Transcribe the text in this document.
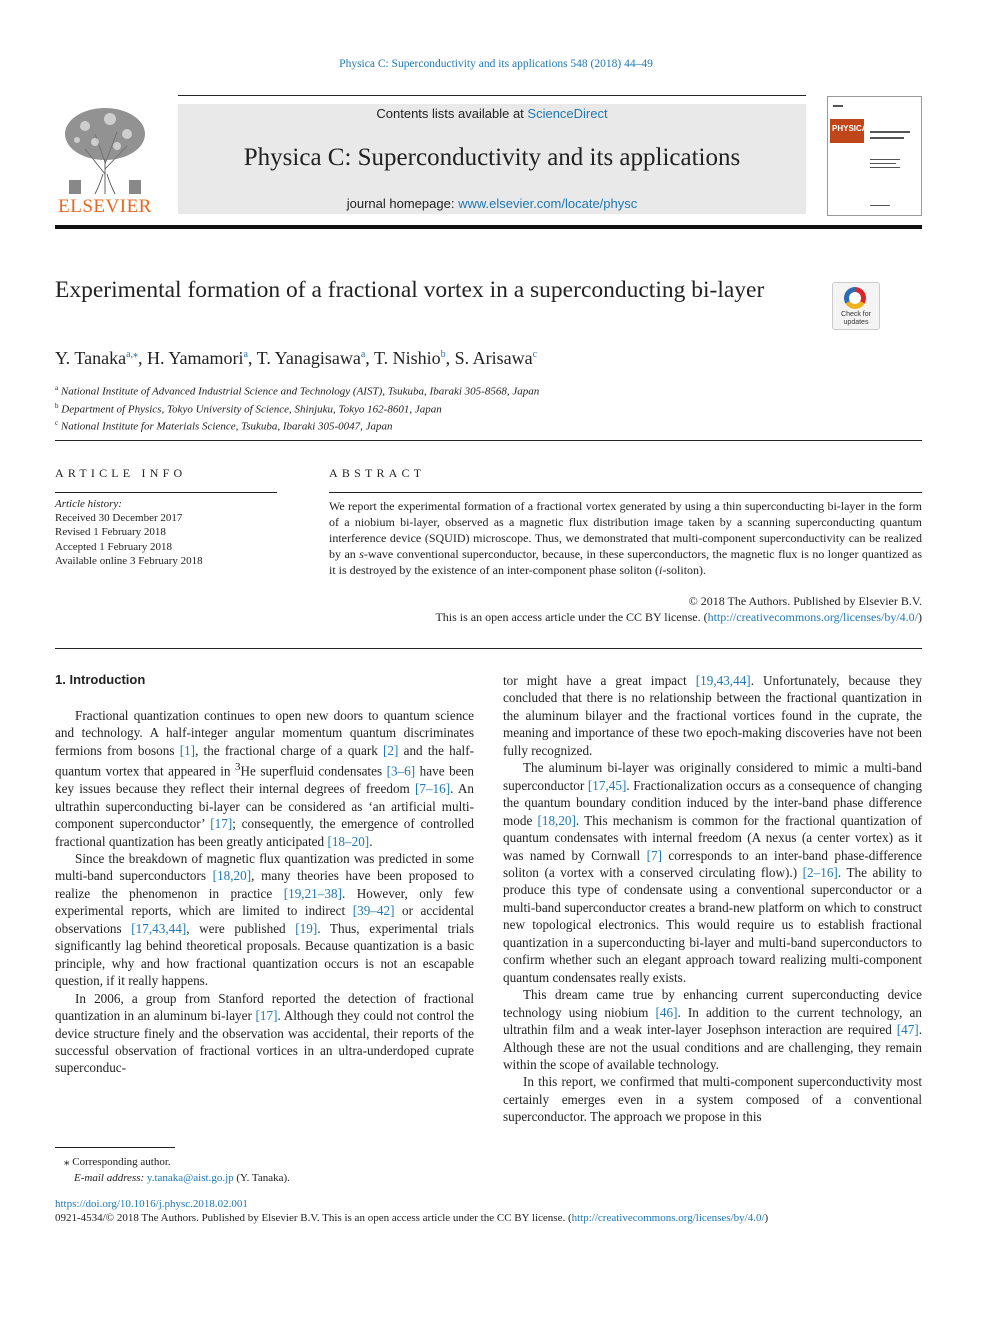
Physica C: Superconductivity and its applications 548 (2018) 44–49
ELSEVIER
Contents lists available at ScienceDirect
Physica C: Superconductivity and its applications
journal homepage: www.elsevier.com/locate/physc
PHYSICA
Experimental formation of a fractional vortex in a superconducting bi-layer
Check for
updates
Y. Tanaka$^{a,⁎}$, H. Yamamori$^a$, T. Yanagisawa$^a$, T. Nishio$^b$, S. Arisawa$^c$
$^a$ National Institute of Advanced Industrial Science and Technology (AIST), Tsukuba, Ibaraki 305-8568, Japan
$^b$ Department of Physics, Tokyo University of Science, Shinjuku, Tokyo 162-8601, Japan
$^c$ National Institute for Materials Science, Tsukuba, Ibaraki 305-0047, Japan
ARTICLE INFO	ABSTRACT
Article history:
Received 30 December 2017
Revised 1 February 2018
Accepted 1 February 2018
Available online 3 February 2018
We report the experimental formation of a fractional vortex generated by using a thin superconducting bi-layer in the form of a niobium bi-layer, observed as a magnetic flux distribution image taken by a scanning superconducting quantum interference device (SQUID) microscope. Thus, we demonstrated that multi-component superconductivity can be realized by an s-wave conventional superconductor, because, in these superconductors, the magnetic flux is no longer quantized as it is destroyed by the existence of an inter-component phase soliton (i-soliton).
© 2018 The Authors. Published by Elsevier B.V.
This is an open access article under the CC BY license. (http://creativecommons.org/licenses/by/4.0/)
1. Introduction

Fractional quantization continues to open new doors to quantum science and technology. A half-integer angular momentum quantum discriminates fermions from bosons [1], the fractional charge of a quark [2] and the half-quantum vortex that appeared in $^3$He superfluid condensates [3–6] have been key issues because they reflect their internal degrees of freedom [7–16]. An ultrathin superconducting bi-layer can be considered as ‘an artificial multi-component superconductor’ [17]; consequently, the emergence of controlled fractional quantization has been greatly anticipated [18–20].

Since the breakdown of magnetic flux quantization was predicted in some multi-band superconductors [18,20], many theories have been proposed to realize the phenomenon in practice [19,21–38]. However, only few experimental reports, which are limited to indirect [39–42] or accidental observations [17,43,44], were published [19]. Thus, experimental trials significantly lag behind theoretical proposals. Because quantization is a basic principle, why and how fractional quantization occurs is not an escapable question, if it really happens.

In 2006, a group from Stanford reported the detection of fractional quantization in an aluminum bi-layer [17]. Although they could not control the device structure finely and the observation was accidental, their reports of the successful observation of fractional vortices in an ultra-underdoped cuprate superconduc-

tor might have a great impact [19,43,44]. Unfortunately, because they concluded that there is no relationship between the fractional quantization in the aluminum bilayer and the fractional vortices found in the cuprate, the meaning and importance of these two epoch-making discoveries have not been fully recognized.

The aluminum bi-layer was originally considered to mimic a multi-band superconductor [17,45]. Fractionalization occurs as a consequence of changing the quantum boundary condition induced by the inter-band phase difference mode [18,20]. This mechanism is common for the fractional quantization of quantum condensates with internal freedom (A nexus (a center vortex) as it was named by Cornwall [7] corresponds to an inter-band phase-difference soliton (a vortex with a conserved circulating flow).) [2–16]. The ability to produce this type of condensate using a conventional superconductor or a multi-band superconductor creates a brand-new platform on which to construct new topological electronics. This would require us to establish fractional quantization in a superconducting bi-layer and multi-band superconductors to confirm whether such an elegant approach toward realizing multi-component quantum condensates really exists.

This dream came true by enhancing current superconducting device technology using niobium [46]. In addition to the current technology, an ultrathin film and a weak inter-layer Josephson interaction are required [47]. Although these are not the usual conditions and are challenging, they remain within the scope of available technology.

In this report, we confirmed that multi-component superconductivity most certainly emerges even in a system composed of a conventional superconductor. The approach we propose in this

⁎ Corresponding author.
E-mail address: y.tanaka@aist.go.jp (Y. Tanaka).
https://doi.org/10.1016/j.physc.2018.02.001
0921-4534/© 2018 The Authors. Published by Elsevier B.V. This is an open access article under the CC BY license. (http://creativecommons.org/licenses/by/4.0/)
